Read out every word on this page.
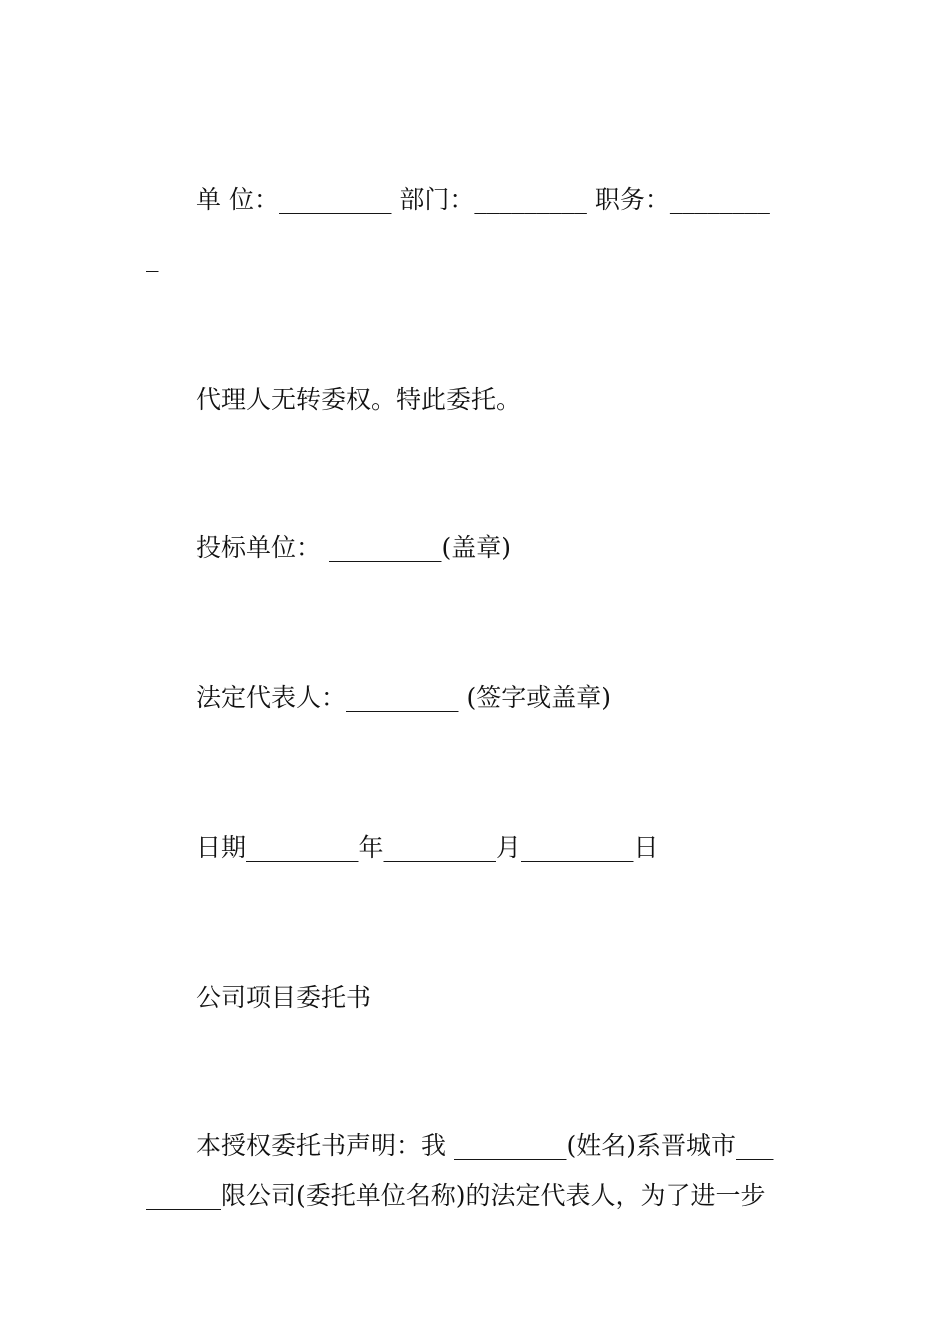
单 位：_________ 部门：_________ 职务：________
_
代理人无转委权。特此委托。
投标单位： _________(盖章)
法定代表人：_________ (签字或盖章)
日期_________年_________月_________日
公司项目委托书
本授权委托书声明：我 _________(姓名)系晋城市___
______限公司(委托单位名称)的法定代表人，为了进一步
